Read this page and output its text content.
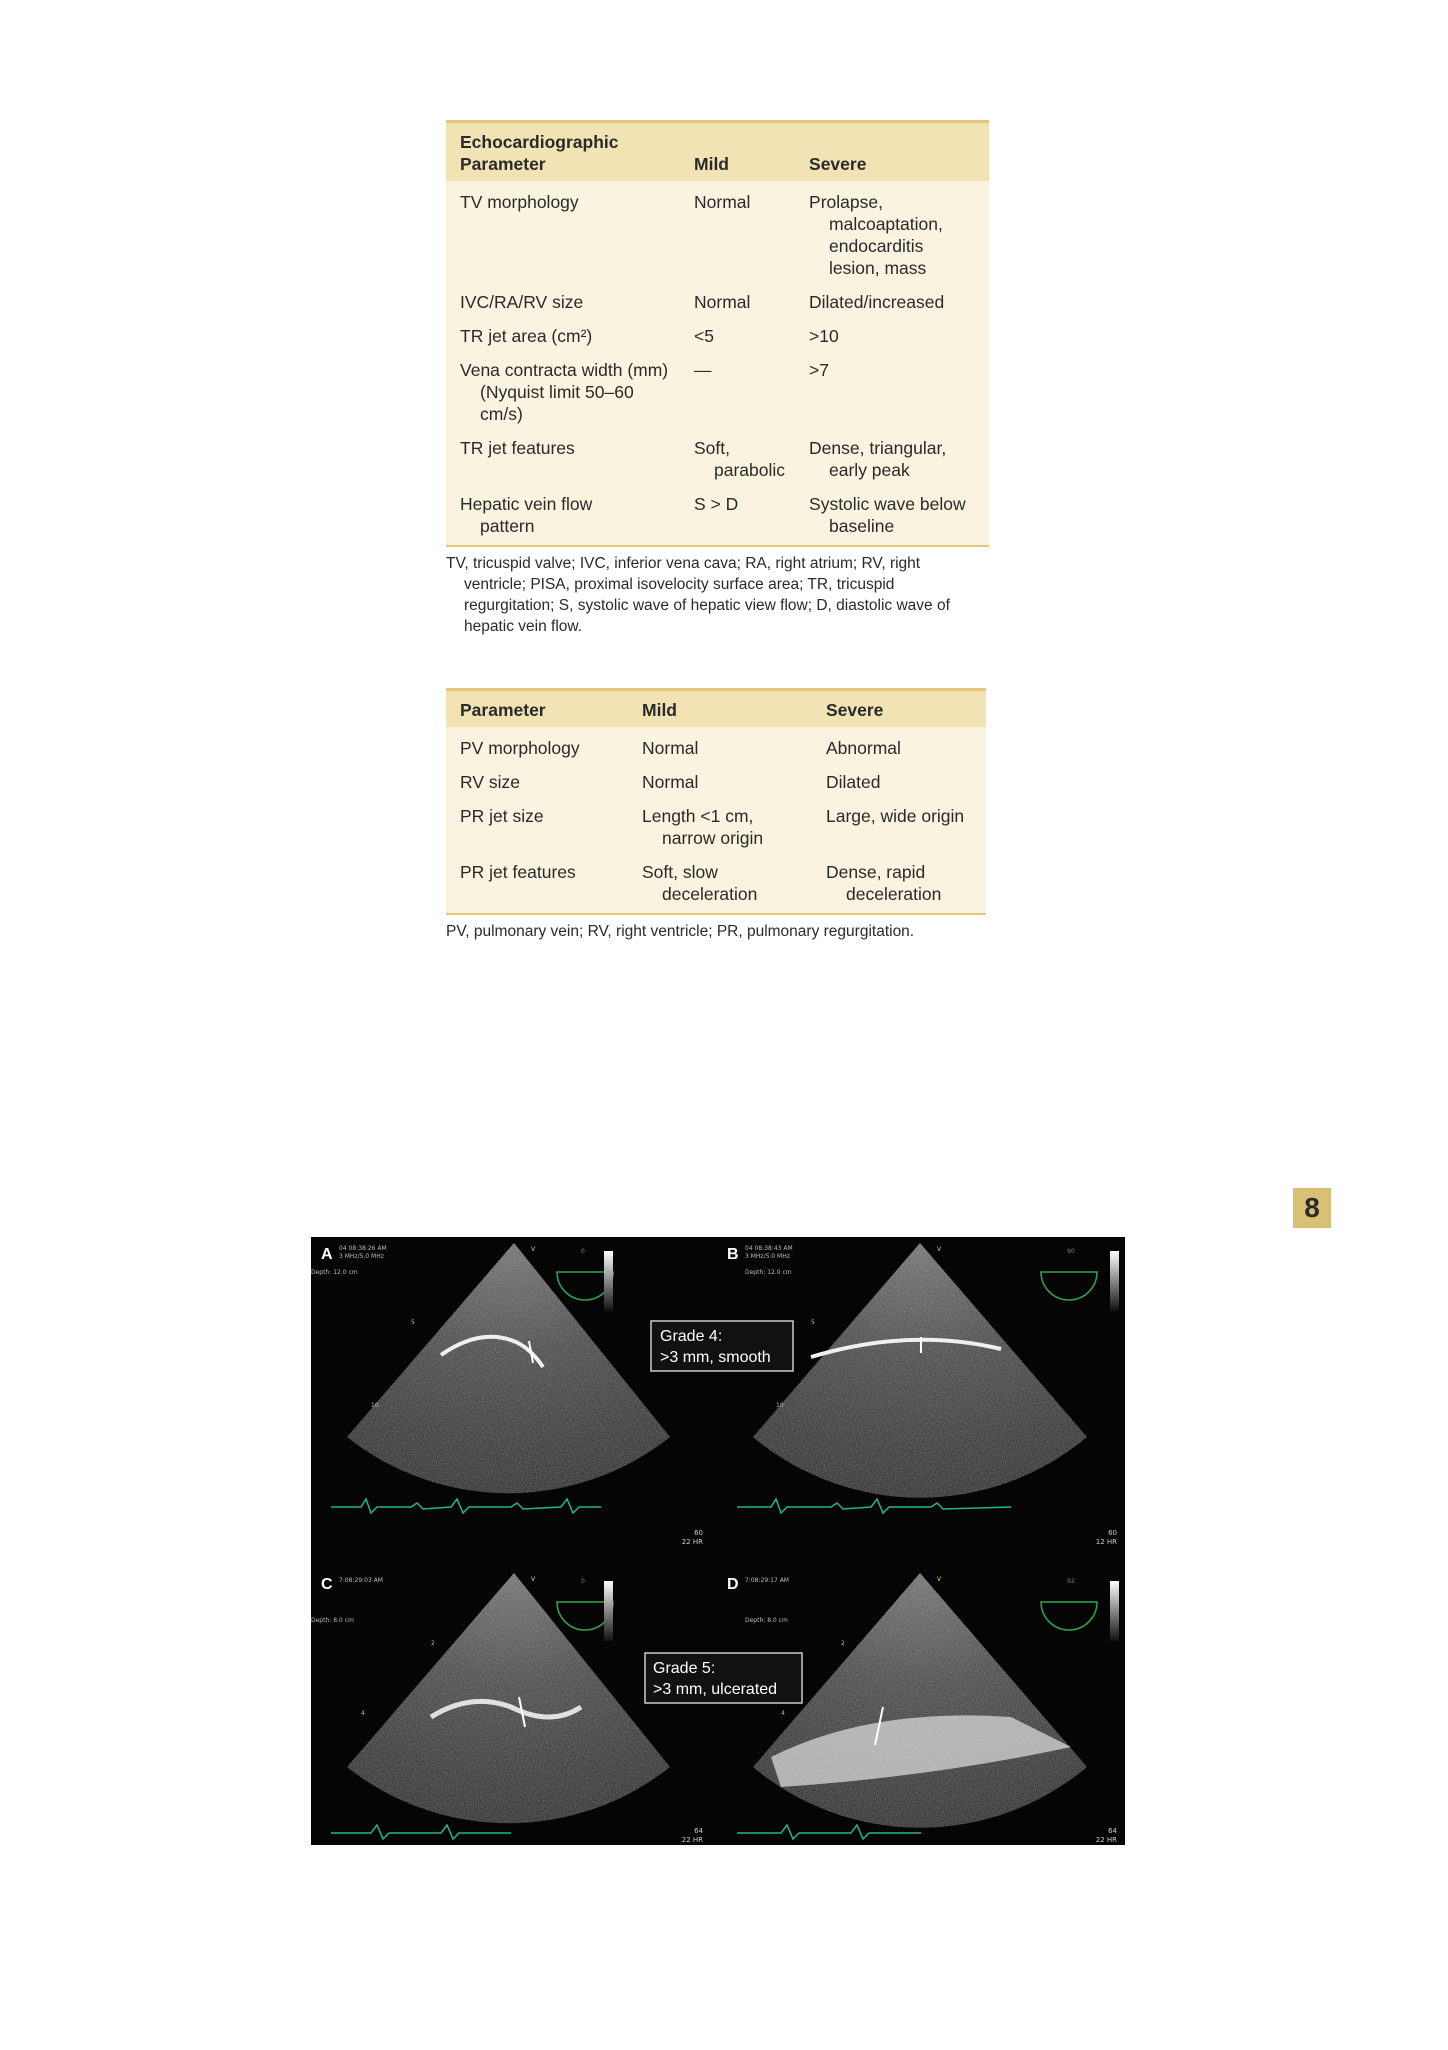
Echocardiographic Parameter	Mild	Severe

TV morphology	Normal	Prolapse, malcoaptation, endocarditis lesion, mass

IVC/RA/RV size	Normal	Dilated/increased

TR jet area (cm²)	<5	>10

Vena contracta width (mm) (Nyquist limit 50–60 cm/s)	—	>7

TR jet features	Soft, parabolic	Dense, triangular, early peak

Hepatic vein flow pattern	S > D	Systolic wave below baseline
TV, tricuspid valve; IVC, inferior vena cava; RA, right atrium; RV, right ventricle; PISA, proximal isovelocity surface area; TR, tricuspid regurgitation; S, systolic wave of hepatic view flow; D, diastolic wave of hepatic vein flow.
Parameter	Mild	Severe

PV morphology	Normal	Abnormal

RV size	Normal	Dilated

PR jet size	Length <1 cm, narrow origin	Large, wide origin

PR jet features	Soft, slow deceleration	Dense, rapid deceleration
PV, pulmonary vein; RV, right ventricle; PR, pulmonary regurgitation.
8
A 04 08:38:26 AM
3 MHz/5.0 MHz
Depth: 12.0 cm
5
10
V	0
60
22 HR
B 04 08:38:43 AM
3 MHz/5.0 MHz
Depth: 12.0 cm
5
10
V	90
60
12 HR
C 7:08:29:03 AM
Depth: 8.0 cm
2
4
V	0
64
22 HR
D 7:08:29:17 AM
Depth: 8.0 cm
2
4
V	92
64
22 HR
Grade 4:
>3 mm, smooth
Grade 5:
>3 mm, ulcerated
